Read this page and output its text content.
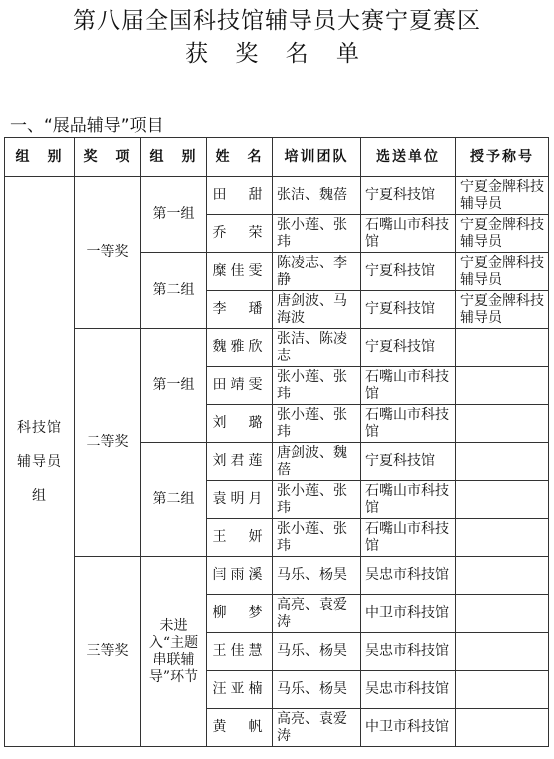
第八届全国科技馆辅导员大赛宁夏赛区
获 奖 名 单
一、“展品辅导”项目
组　别	奖　项	组　别	姓　名	培训团队	选送单位	授予称号
科技馆辅导员组	一等奖	第一组	田　甜	张洁、魏蓓	宁夏科技馆	宁夏金牌科技辅导员
			乔　荣	张小莲、张玮	石嘴山市科技馆	宁夏金牌科技辅导员
		第二组	糜佳雯	陈凌志、李静	宁夏科技馆	宁夏金牌科技辅导员
			李　璠	唐剑波、马海波	宁夏科技馆	宁夏金牌科技辅导员
	二等奖	第一组	魏雅欣	张洁、陈凌志	宁夏科技馆	
			田靖雯	张小莲、张玮	石嘴山市科技馆	
			刘　璐	张小莲、张玮	石嘴山市科技馆	
		第二组	刘君莲	唐剑波、魏蓓	宁夏科技馆	
			袁明月	张小莲、张玮	石嘴山市科技馆	
			王　妍	张小莲、张玮	石嘴山市科技馆	
	三等奖	未进入“主题串联辅导”环节	闫雨溪	马乐、杨昊	吴忠市科技馆	
			柳　梦	高亮、袁爱涛	中卫市科技馆	
			王佳慧	马乐、杨昊	吴忠市科技馆	
			汪亚楠	马乐、杨昊	吴忠市科技馆	
			黄　帆	高亮、袁爱涛	中卫市科技馆	
